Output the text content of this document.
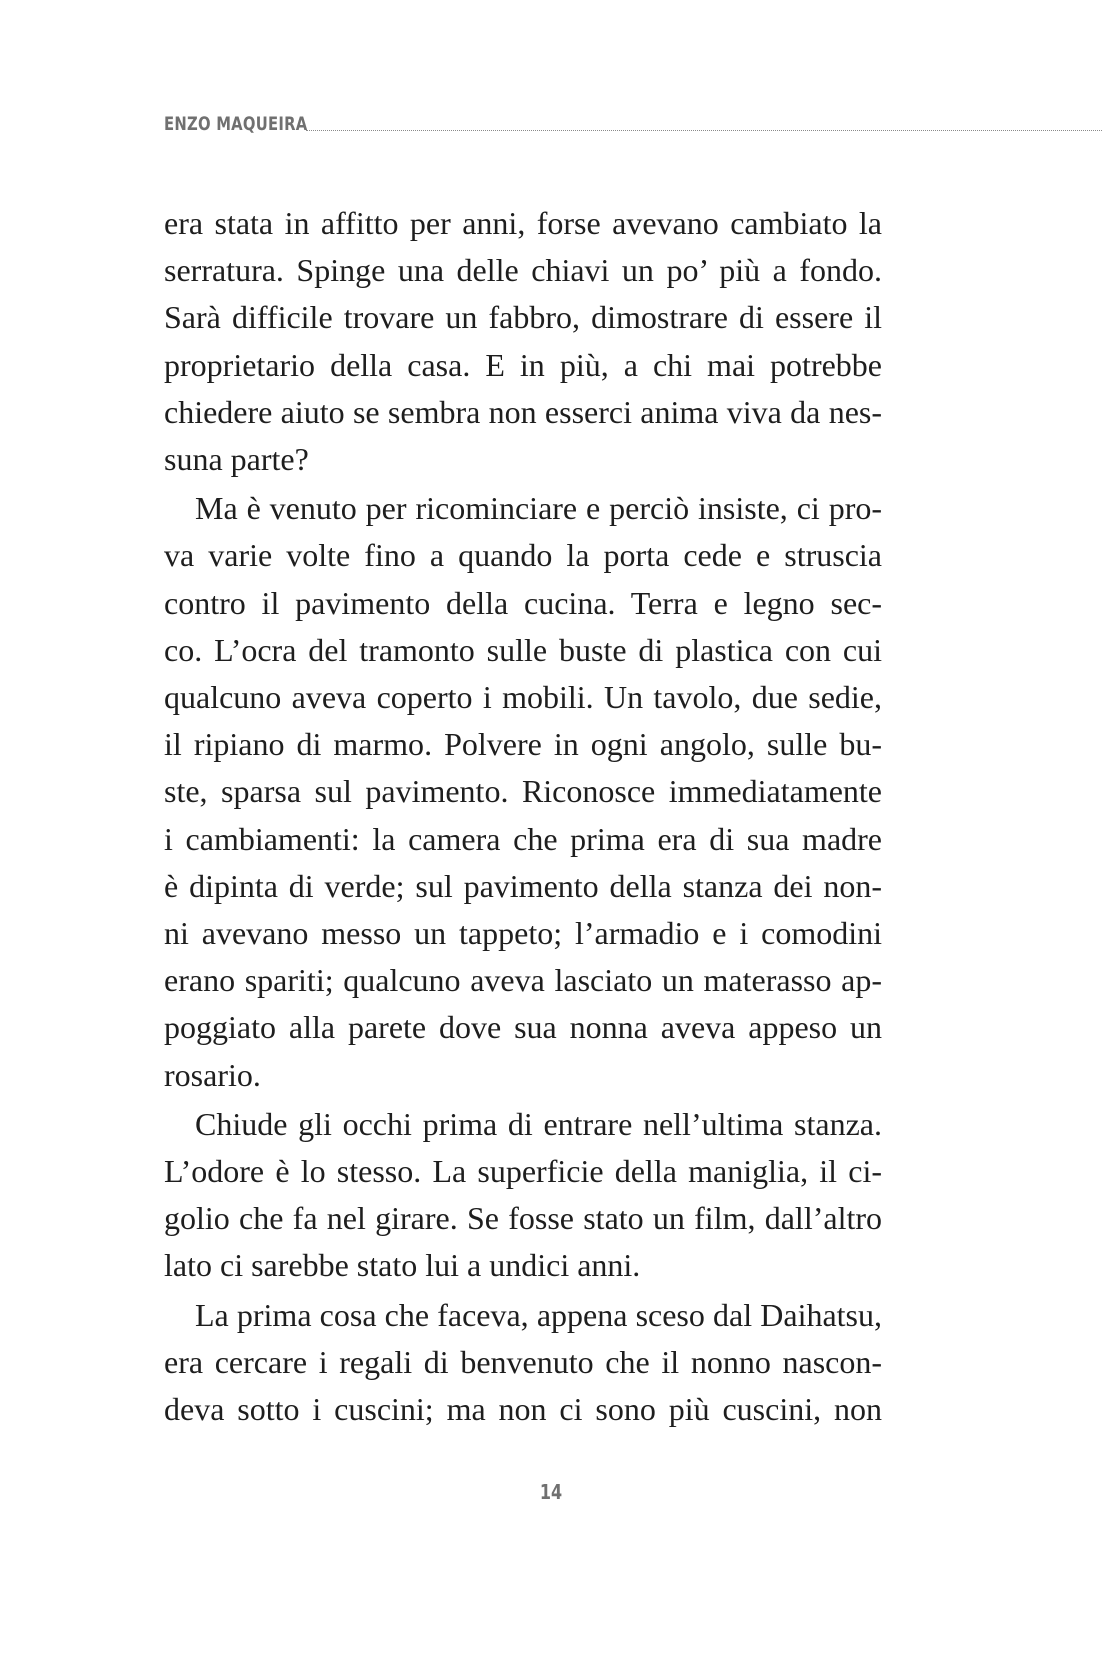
ENZO MAQUEIRA

era stata in affitto per anni, forse avevano cambiato la

serratura. Spinge una delle chiavi un po’ più a fondo.

Sarà difficile trovare un fabbro, dimostrare di essere il

proprietario della casa. E in più, a chi mai potrebbe

chiedere aiuto se sembra non esserci anima viva da nes-

suna parte?

Ma è venuto per ricominciare e perciò insiste, ci pro-

va varie volte fino a quando la porta cede e struscia

contro il pavimento della cucina. Terra e legno sec-

co. L’ocra del tramonto sulle buste di plastica con cui

qualcuno aveva coperto i mobili. Un tavolo, due sedie,

il ripiano di marmo. Polvere in ogni angolo, sulle bu-

ste, sparsa sul pavimento. Riconosce immediatamente

i cambiamenti: la camera che prima era di sua madre

è dipinta di verde; sul pavimento della stanza dei non-

ni avevano messo un tappeto; l’armadio e i comodini

erano spariti; qualcuno aveva lasciato un materasso ap-

poggiato alla parete dove sua nonna aveva appeso un

rosario.

Chiude gli occhi prima di entrare nell’ultima stanza.

L’odore è lo stesso. La superficie della maniglia, il ci-

golio che fa nel girare. Se fosse stato un film, dall’altro

lato ci sarebbe stato lui a undici anni.

La prima cosa che faceva, appena sceso dal Daihatsu,

era cercare i regali di benvenuto che il nonno nascon-

deva sotto i cuscini; ma non ci sono più cuscini, non

14
